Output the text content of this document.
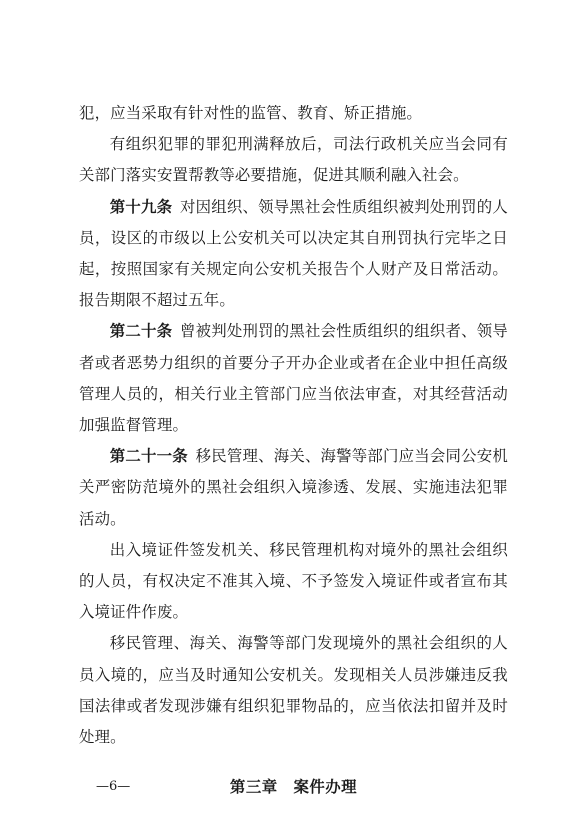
犯，应当采取有针对性的监管、教育、矫正措施。

有组织犯罪的罪犯刑满释放后，司法行政机关应当会同有关部门落实安置帮教等必要措施，促进其顺利融入社会。

第十九条 对因组织、领导黑社会性质组织被判处刑罚的人员，设区的市级以上公安机关可以决定其自刑罚执行完毕之日起，按照国家有关规定向公安机关报告个人财产及日常活动。报告期限不超过五年。

第二十条 曾被判处刑罚的黑社会性质组织的组织者、领导者或者恶势力组织的首要分子开办企业或者在企业中担任高级管理人员的，相关行业主管部门应当依法审查，对其经营活动加强监督管理。

第二十一条 移民管理、海关、海警等部门应当会同公安机关严密防范境外的黑社会组织入境渗透、发展、实施违法犯罪活动。

出入境证件签发机关、移民管理机构对境外的黑社会组织的人员，有权决定不准其入境、不予签发入境证件或者宣布其入境证件作废。

移民管理、海关、海警等部门发现境外的黑社会组织的人员入境的，应当及时通知公安机关。发现相关人员涉嫌违反我国法律或者发现涉嫌有组织犯罪物品的，应当依法扣留并及时处理。

第三章　案件办理
—6—
